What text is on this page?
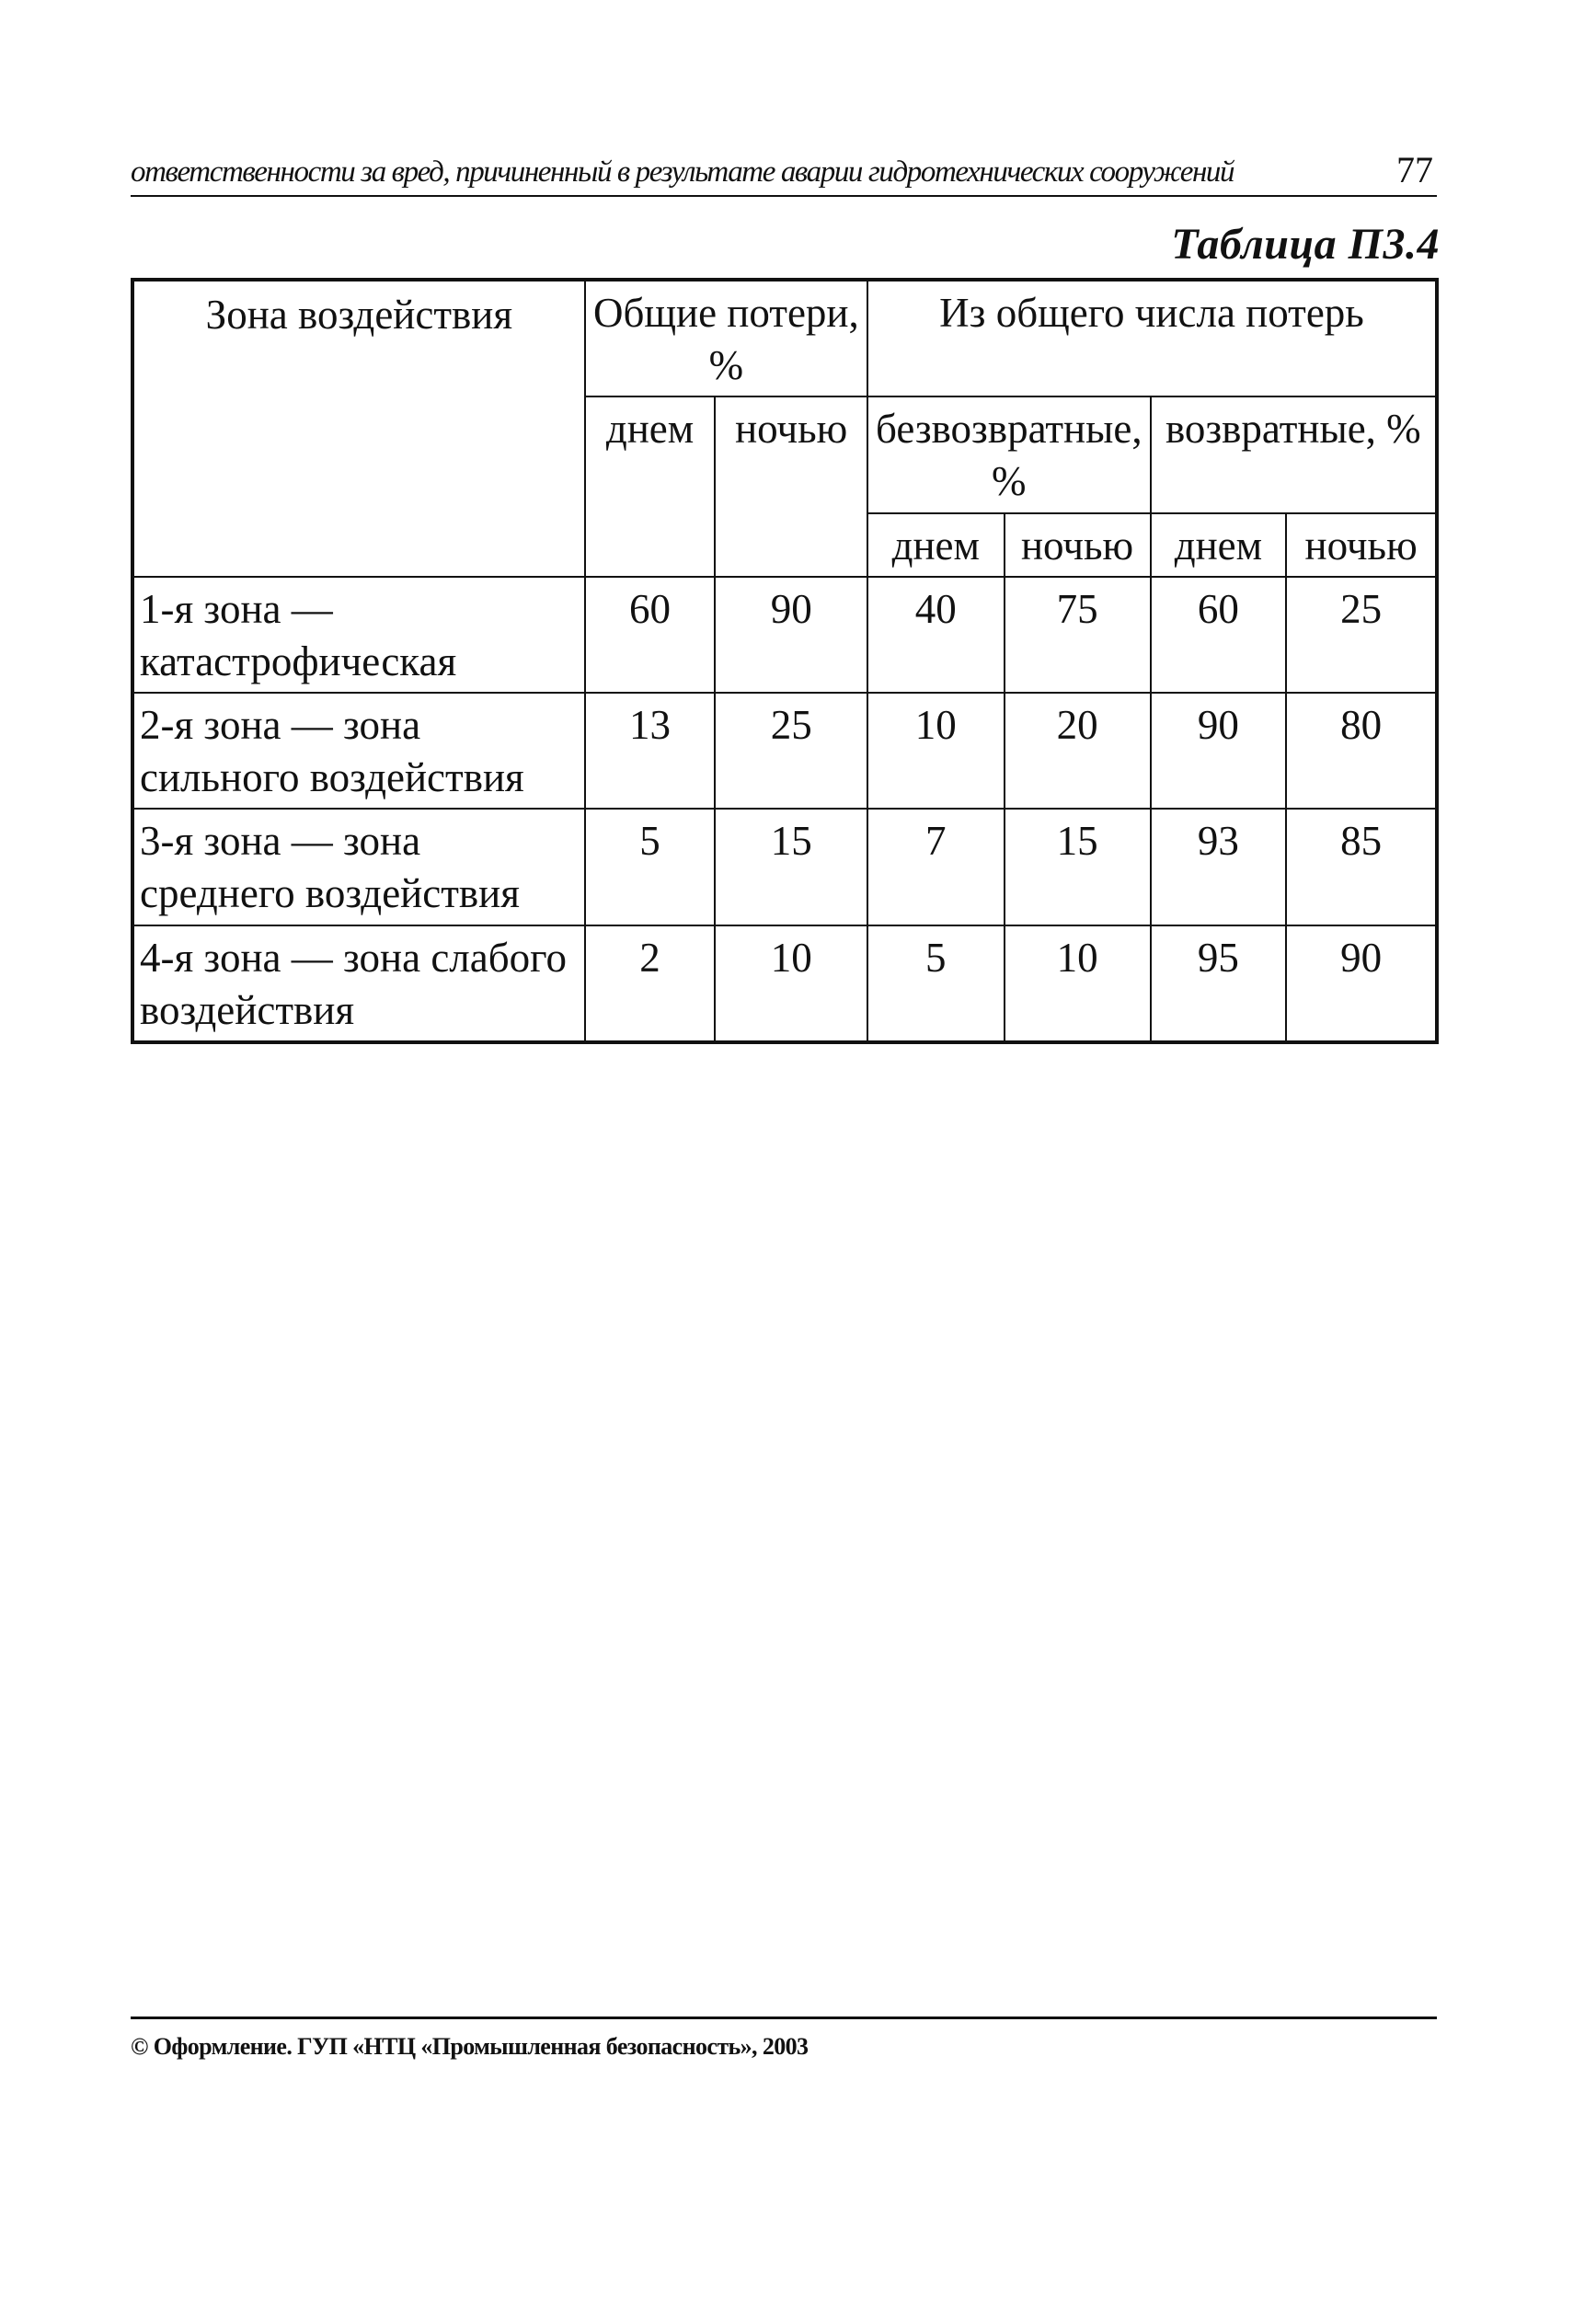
ответственности за вред, причиненный в результате аварии гидротехнических сооружений	77
Таблица П3.4
Зона воздействия	Общие потери, %		Из общего числа потерь			
	днем	ночью	безвозвратные, %		возвратные, %	
			днем	ночью	днем	ночью
1-я зона — катастрофическая	60	90	40	75	60	25
2-я зона — зона сильного воздействия	13	25	10	20	90	80
3-я зона — зона среднего воздействия	5	15	7	15	93	85
4-я зона — зона слабого воздействия	2	10	5	10	95	90
© Оформление. ГУП «НТЦ «Промышленная безопасность», 2003
